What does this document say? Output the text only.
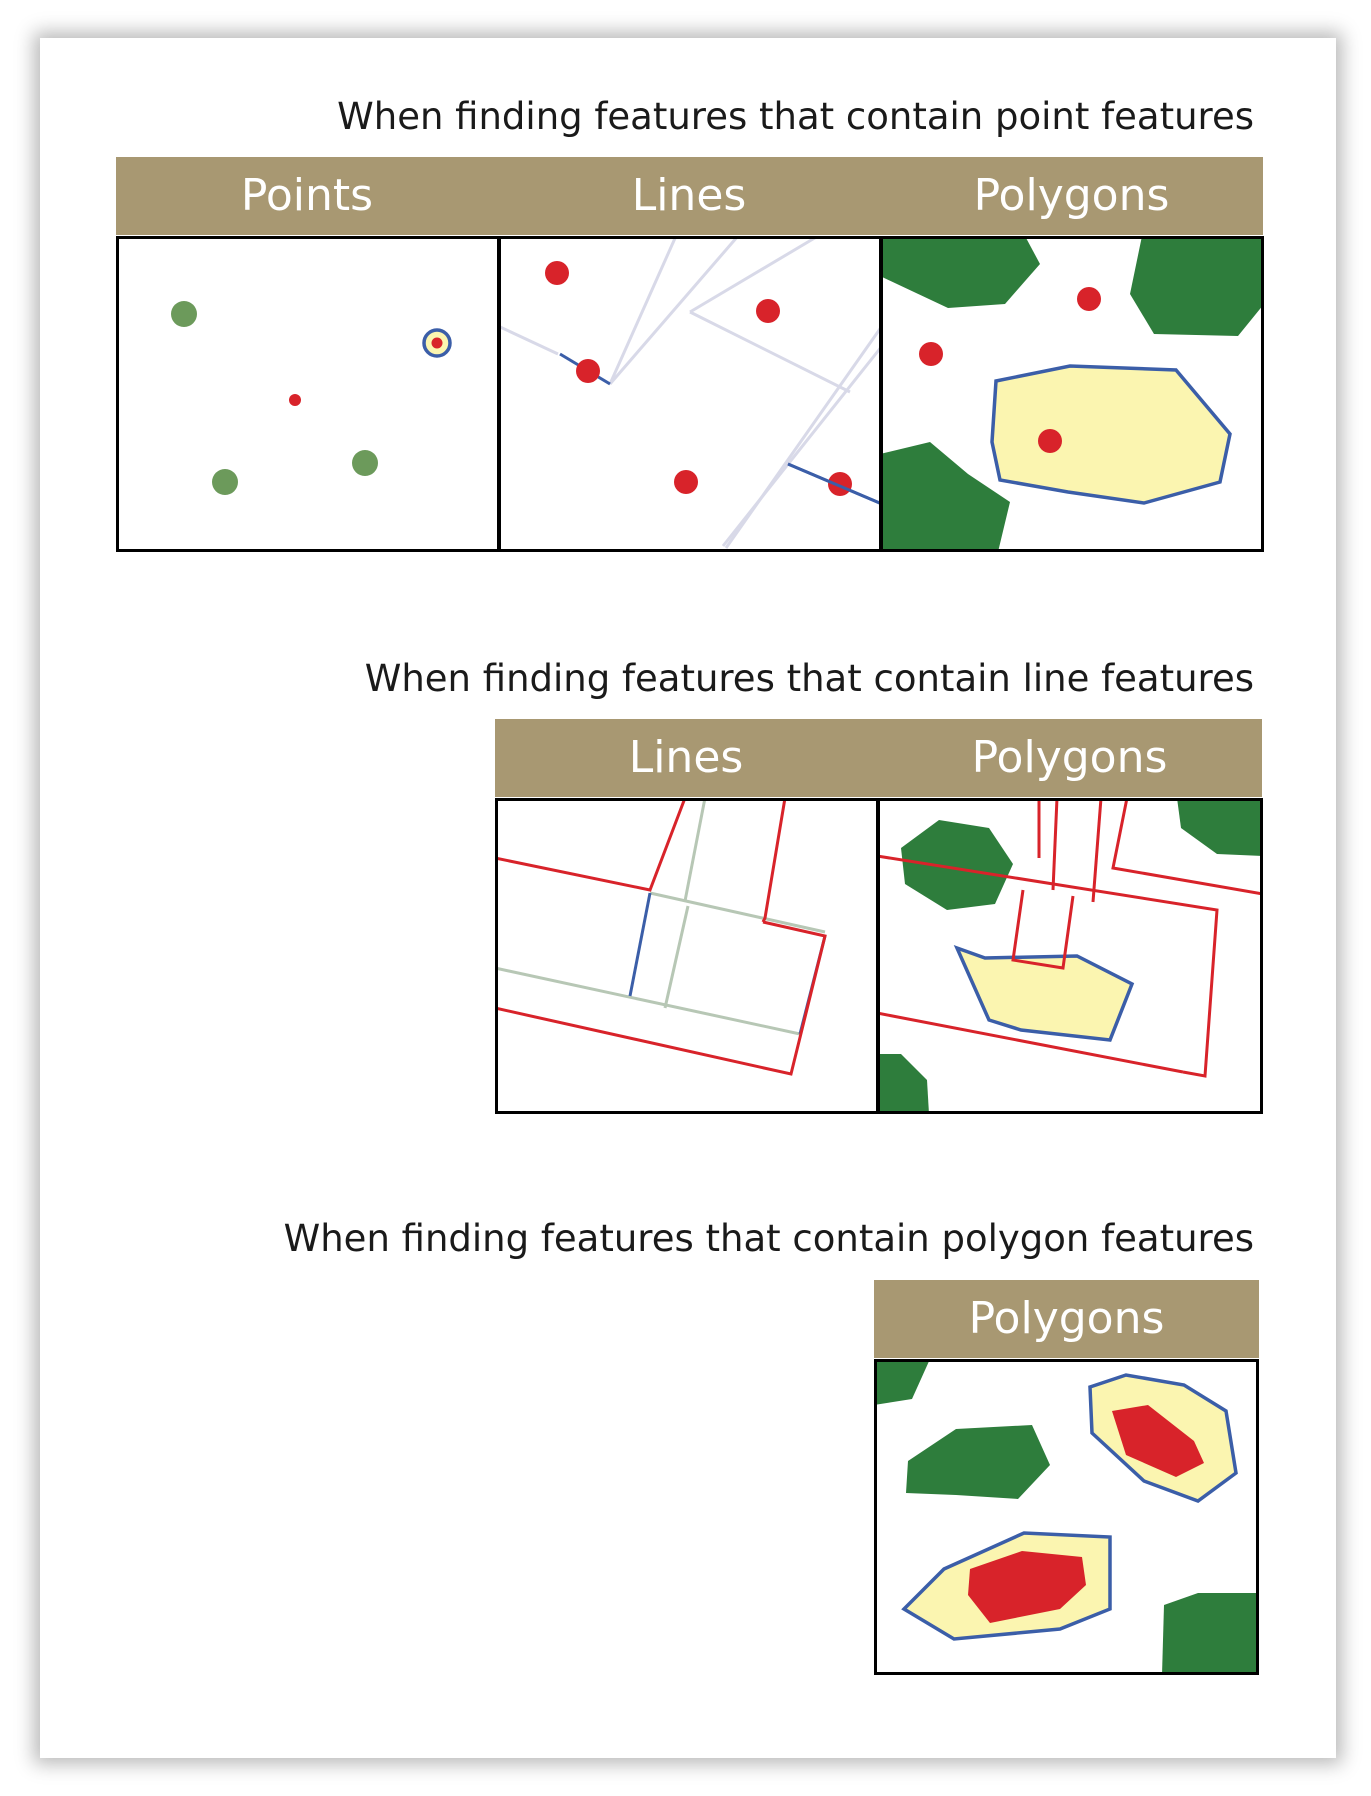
When finding features that contain point features
Points	Lines	Polygons
When finding features that contain line features
Lines	Polygons
When finding features that contain polygon features
Polygons
